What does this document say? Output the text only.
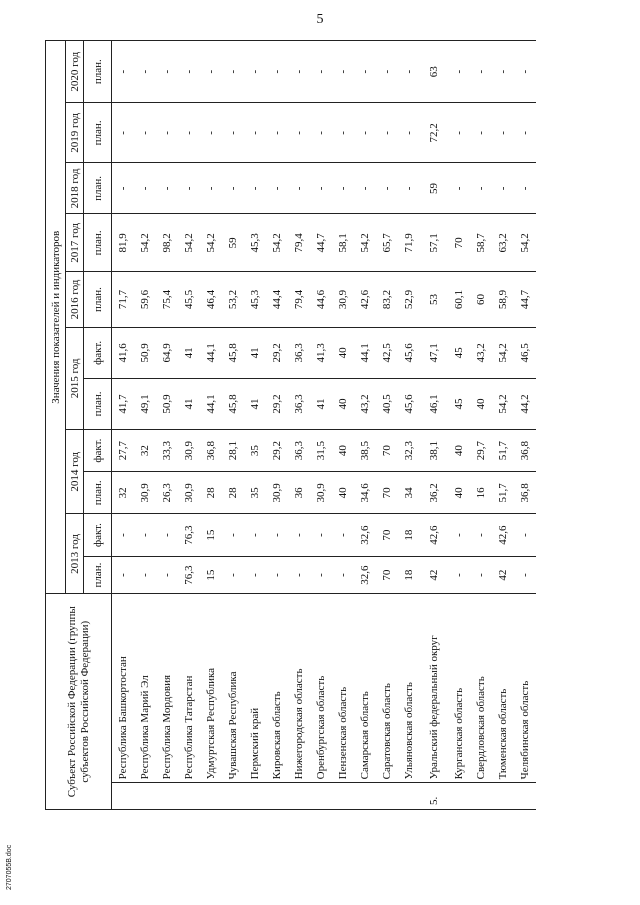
5
Субъект Российской Федерации (группы субъектов Российской Федерации)		Значения показателей и индикаторов										
		2013 год		2014 год		2015 год		2016 год	2017 год	2018 год	2019 год	2020 год
		план.	факт.	план.	факт.	план.	факт.	план.	план.	план.	план.	план.
	Республика Башкортостан	-	-	32	27,7	41,7	41,6	71,7	81,9	-	-	-
	Республика Марий Эл	-	-	30,9	32	49,1	50,9	59,6	54,2	-	-	-
	Республика Мордовия	-	-	26,3	33,3	50,9	64,9	75,4	98,2	-	-	-
	Республика Татарстан	76,3	76,3	30,9	30,9	41	41	45,5	54,2	-	-	-
	Удмуртская Республика	15	15	28	36,8	44,1	44,1	46,4	54,2	-	-	-
	Чувашская Республика	-	-	28	28,1	45,8	45,8	53,2	59	-	-	-
	Пермский край	-	-	35	35	41	41	45,3	45,3	-	-	-
	Кировская область	-	-	30,9	29,2	29,2	29,2	44,4	54,2	-	-	-
	Нижегородская область	-	-	36	36,3	36,3	36,3	79,4	79,4	-	-	-
	Оренбургская область	-	-	30,9	31,5	41	41,3	44,6	44,7	-	-	-
	Пензенская область	-	-	40	40	40	40	30,9	58,1	-	-	-
	Самарская область	32,6	32,6	34,6	38,5	43,2	44,1	42,6	54,2	-	-	-
	Саратовская область	70	70	70	70	40,5	42,5	83,2	65,7	-	-	-
	Ульяновская область	18	18	34	32,3	45,6	45,6	52,9	71,9	-	-	-
5.	Уральский федеральный округ	42	42,6	36,2	38,1	46,1	47,1	53	57,1	59	72,2	63
	Курганская область	-	-	40	40	45	45	60,1	70	-	-	-
	Свердловская область	-	-	16	29,7	40	43,2	60	58,7	-	-	-
	Тюменская область	42	42,6	51,7	51,7	54,2	54,2	58,9	63,2	-	-	-
	Челябинская область	-	-	36,8	36,8	44,2	46,5	44,7	54,2	-	-	-
2707055В.doc
